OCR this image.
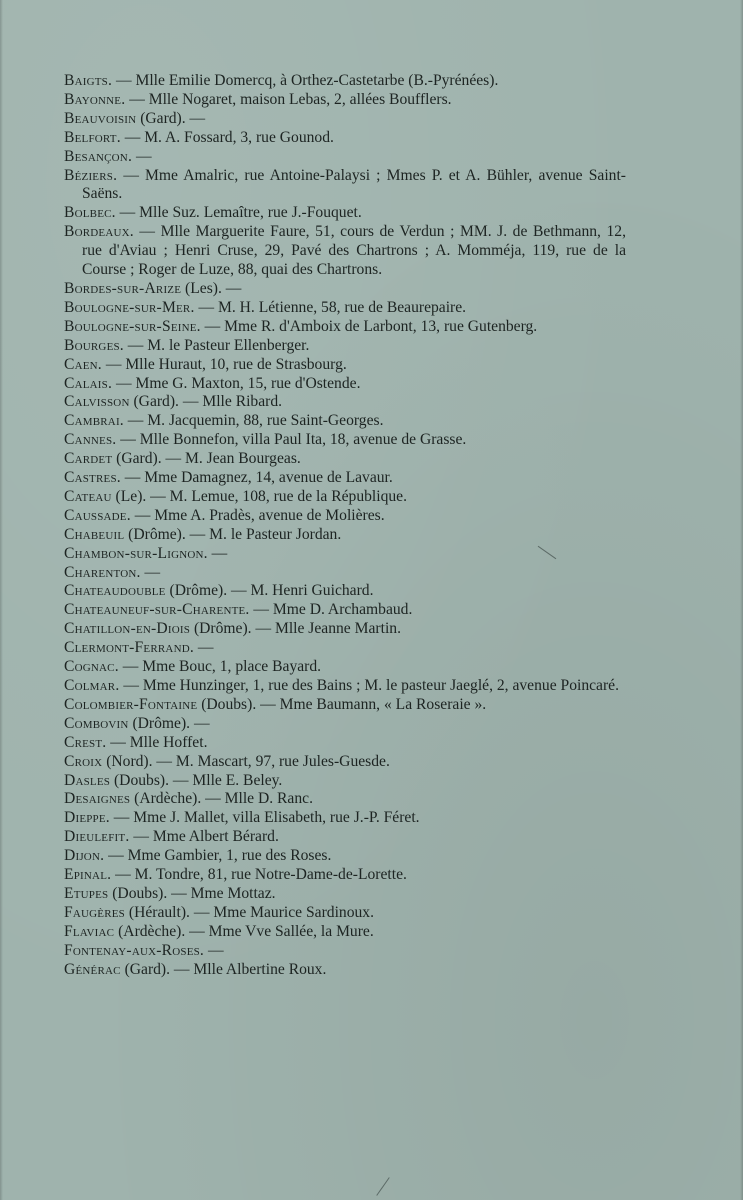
Baigts. — Mlle Emilie Domercq, à Orthez-Castetarbe (B.-Pyrénées).

Bayonne. — Mlle Nogaret, maison Lebas, 2, allées Boufflers.

Beauvoisin (Gard). —

Belfort. — M. A. Fossard, 3, rue Gounod.

Besançon. —

Béziers. — Mme Amalric, rue Antoine-Palaysi ; Mmes P. et A. Bühler, avenue Saint-Saëns.

Bolbec. — Mlle Suz. Lemaître, rue J.-Fouquet.

Bordeaux. — Mlle Marguerite Faure, 51, cours de Verdun ; MM. J. de Bethmann, 12, rue d'Aviau ; Henri Cruse, 29, Pavé des Chartrons ; A. Momméja, 119, rue de la Course ; Roger de Luze, 88, quai des Chartrons.

Bordes-sur-Arize (Les). —

Boulogne-sur-Mer. — M. H. Létienne, 58, rue de Beaurepaire.

Boulogne-sur-Seine. — Mme R. d'Amboix de Larbont, 13, rue Gutenberg.

Bourges. — M. le Pasteur Ellenberger.

Caen. — Mlle Huraut, 10, rue de Strasbourg.

Calais. — Mme G. Maxton, 15, rue d'Ostende.

Calvisson (Gard). — Mlle Ribard.

Cambrai. — M. Jacquemin, 88, rue Saint-Georges.

Cannes. — Mlle Bonnefon, villa Paul Ita, 18, avenue de Grasse.

Cardet (Gard). — M. Jean Bourgeas.

Castres. — Mme Damagnez, 14, avenue de Lavaur.

Cateau (Le). — M. Lemue, 108, rue de la République.

Caussade. — Mme A. Pradès, avenue de Molières.

Chabeuil (Drôme). — M. le Pasteur Jordan.

Chambon-sur-Lignon. —

Charenton. —

Chateaudouble (Drôme). — M. Henri Guichard.

Chateauneuf-sur-Charente. — Mme D. Archambaud.

Chatillon-en-Diois (Drôme). — Mlle Jeanne Martin.

Clermont-Ferrand. —

Cognac. — Mme Bouc, 1, place Bayard.

Colmar. — Mme Hunzinger, 1, rue des Bains ; M. le pasteur Jaeglé, 2, avenue Poincaré.

Colombier-Fontaine (Doubs). — Mme Baumann, « La Roseraie ».

Combovin (Drôme). —

Crest. — Mlle Hoffet.

Croix (Nord). — M. Mascart, 97, rue Jules-Guesde.

Dasles (Doubs). — Mlle E. Beley.

Desaignes (Ardèche). — Mlle D. Ranc.

Dieppe. — Mme J. Mallet, villa Elisabeth, rue J.-P. Féret.

Dieulefit. — Mme Albert Bérard.

Dijon. — Mme Gambier, 1, rue des Roses.

Epinal. — M. Tondre, 81, rue Notre-Dame-de-Lorette.

Etupes (Doubs). — Mme Mottaz.

Faugères (Hérault). — Mme Maurice Sardinoux.

Flaviac (Ardèche). — Mme Vve Sallée, la Mure.

Fontenay-aux-Roses. —

Générac (Gard). — Mlle Albertine Roux.
